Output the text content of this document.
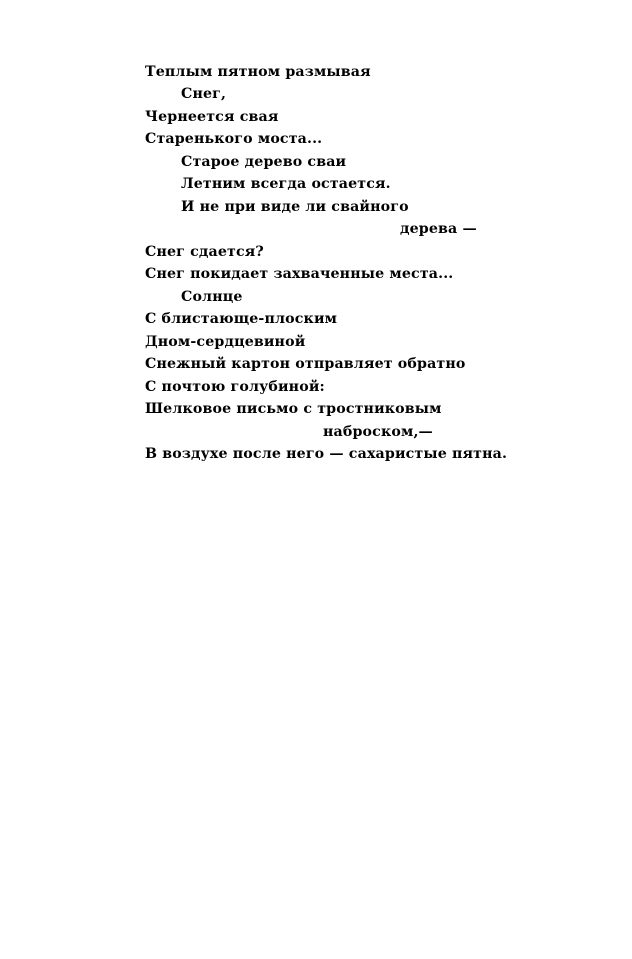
Теплым пятном размывая
Снег,
Чернеется свая
Старенького моста...
Старое дерево сваи
Летним всегда остается.
И не при виде ли свайного
дерева —
Снег сдается?
Снег покидает захваченные места...
Солнце
С блистающе-плоским
Дном-сердцевиной
Снежный картон отправляет обратно
С почтою голубиной:
Шелковое письмо с тростниковым
наброском,—
В воздухе после него — сахаристые пятна.
